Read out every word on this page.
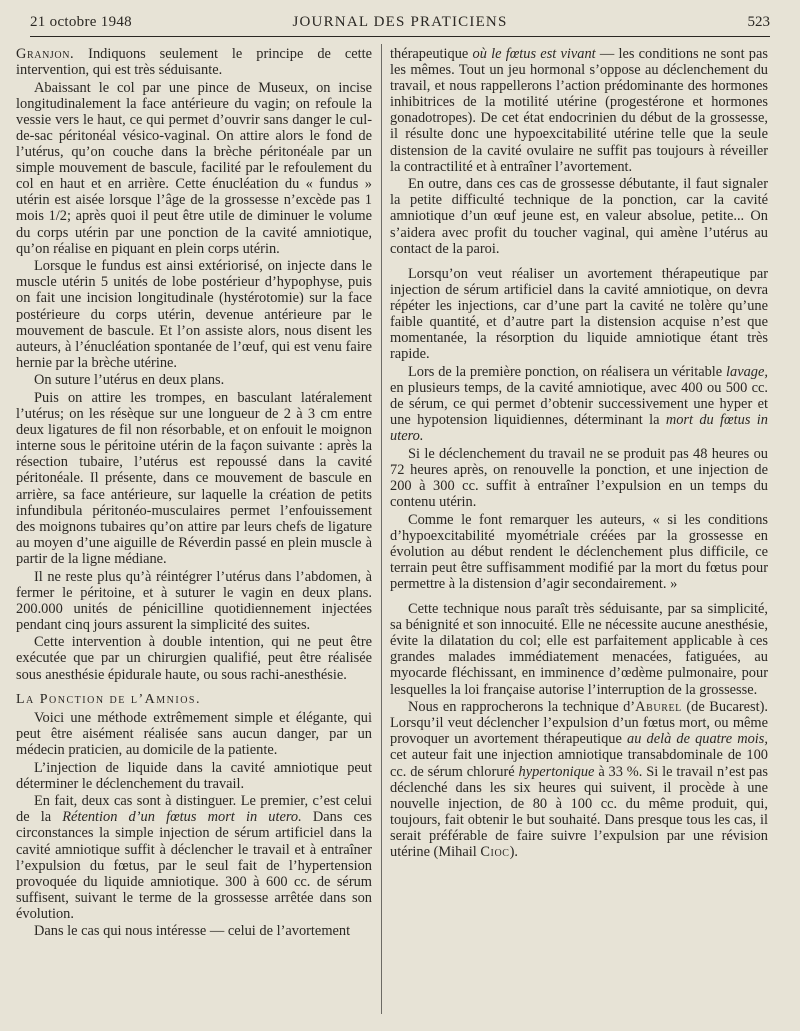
21 octobre 1948	JOURNAL DES PRATICIENS	523

Granjon. Indiquons seulement le principe de cette intervention, qui est très séduisante.

Abaissant le col par une pince de Museux, on incise longitudinalement la face antérieure du vagin; on refoule la vessie vers le haut, ce qui permet d’ouvrir sans danger le cul-de-sac péritonéal vésico-vaginal. On attire alors le fond de l’utérus, qu’on couche dans la brèche péritonéale par un simple mouvement de bascule, facilité par le refoulement du col en haut et en arrière. Cette énucléation du « fundus » utérin est aisée lorsque l’âge de la grossesse n’excède pas 1 mois 1/2; après quoi il peut être utile de diminuer le volume du corps utérin par une ponction de la cavité amniotique, qu’on réalise en piquant en plein corps utérin.

Lorsque le fundus est ainsi extériorisé, on injecte dans le muscle utérin 5 unités de lobe postérieur d’hypophyse, puis on fait une incision longitudinale (hystérotomie) sur la face postérieure du corps utérin, devenue antérieure par le mouvement de bascule. Et l’on assiste alors, nous disent les auteurs, à l’énucléation spontanée de l’œuf, qui est venu faire hernie par la brèche utérine.

On suture l’utérus en deux plans.

Puis on attire les trompes, en basculant latéralement l’utérus; on les résèque sur une longueur de 2 à 3 cm entre deux ligatures de fil non résorbable, et on enfouit le moignon interne sous le péritoine utérin de la façon suivante : après la résection tubaire, l’utérus est repoussé dans la cavité péritonéale. Il présente, dans ce mouvement de bascule en arrière, sa face antérieure, sur laquelle la création de petits infundibula péritonéo-musculaires permet l’enfouissement des moignons tubaires qu’on attire par leurs chefs de ligature au moyen d’une aiguille de Réverdin passé en plein muscle à partir de la ligne médiane.

Il ne reste plus qu’à réintégrer l’utérus dans l’abdomen, à fermer le péritoine, et à suturer le vagin en deux plans. 200.000 unités de pénicilline quotidiennement injectées pendant cinq jours assurent la simplicité des suites.

Cette intervention à double intention, qui ne peut être exécutée que par un chirurgien qualifié, peut être réalisée sous anesthésie épidurale haute, ou sous rachi-anesthésie.

La Ponction de l’Amnios.

Voici une méthode extrêmement simple et élégante, qui peut être aisément réalisée sans aucun danger, par un médecin praticien, au domicile de la patiente.

L’injection de liquide dans la cavité amniotique peut déterminer le déclenchement du travail.

En fait, deux cas sont à distinguer. Le premier, c’est celui de la Rétention d’un fœtus mort in utero. Dans ces circonstances la simple injection de sérum artificiel dans la cavité amniotique suffit à déclencher le travail et à entraîner l’expulsion du fœtus, par le seul fait de l’hypertension provoquée du liquide amniotique. 300 à 600 cc. de sérum suffisent, suivant le terme de la grossesse arrêtée dans son évolution.

Dans le cas qui nous intéresse — celui de l’avortement

thérapeutique où le fœtus est vivant — les conditions ne sont pas les mêmes. Tout un jeu hormonal s’oppose au déclenchement du travail, et nous rappellerons l’action prédominante des hormones inhibitrices de la motilité utérine (progestérone et hormones gonadotropes). De cet état endocrinien du début de la grossesse, il résulte donc une hypoexcitabilité utérine telle que la seule distension de la cavité ovulaire ne suffit pas toujours à réveiller la contractilité et à entraîner l’avortement.

En outre, dans ces cas de grossesse débutante, il faut signaler la petite difficulté technique de la ponction, car la cavité amniotique d’un œuf jeune est, en valeur absolue, petite... On s’aidera avec profit du toucher vaginal, qui amène l’utérus au contact de la paroi.

Lorsqu’on veut réaliser un avortement thérapeutique par injection de sérum artificiel dans la cavité amniotique, on devra répéter les injections, car d’une part la cavité ne tolère qu’une faible quantité, et d’autre part la distension acquise n’est que momentanée, la résorption du liquide amniotique étant très rapide.

Lors de la première ponction, on réalisera un véritable lavage, en plusieurs temps, de la cavité amniotique, avec 400 ou 500 cc. de sérum, ce qui permet d’obtenir successivement une hyper et une hypotension liquidiennes, déterminant la mort du fœtus in utero.

Si le déclenchement du travail ne se produit pas 48 heures ou 72 heures après, on renouvelle la ponction, et une injection de 200 à 300 cc. suffit à entraîner l’expulsion en un temps du contenu utérin.

Comme le font remarquer les auteurs, « si les conditions d’hypoexcitabilité myométriale créées par la grossesse en évolution au début rendent le déclenchement plus difficile, ce terrain peut être suffisamment modifié par la mort du fœtus pour permettre à la distension d’agir secondairement. »

Cette technique nous paraît très séduisante, par sa simplicité, sa bénignité et son innocuité. Elle ne nécessite aucune anesthésie, évite la dilatation du col; elle est parfaitement applicable à ces grandes malades immédiatement menacées, fatiguées, au myocarde fléchissant, en imminence d’œdème pulmonaire, pour lesquelles la loi française autorise l’interruption de la grossesse.

Nous en rapprocherons la technique d’Aburel (de Bucarest). Lorsqu’il veut déclencher l’expulsion d’un fœtus mort, ou même provoquer un avortement thérapeutique au delà de quatre mois, cet auteur fait une injection amniotique transabdominale de 100 cc. de sérum chloruré hypertonique à 33 %. Si le travail n’est pas déclenché dans les six heures qui suivent, il procède à une nouvelle injection, de 80 à 100 cc. du même produit, qui, toujours, fait obtenir le but souhaité. Dans presque tous les cas, il serait préférable de faire suivre l’expulsion par une révision utérine (Mihail Cioc).
